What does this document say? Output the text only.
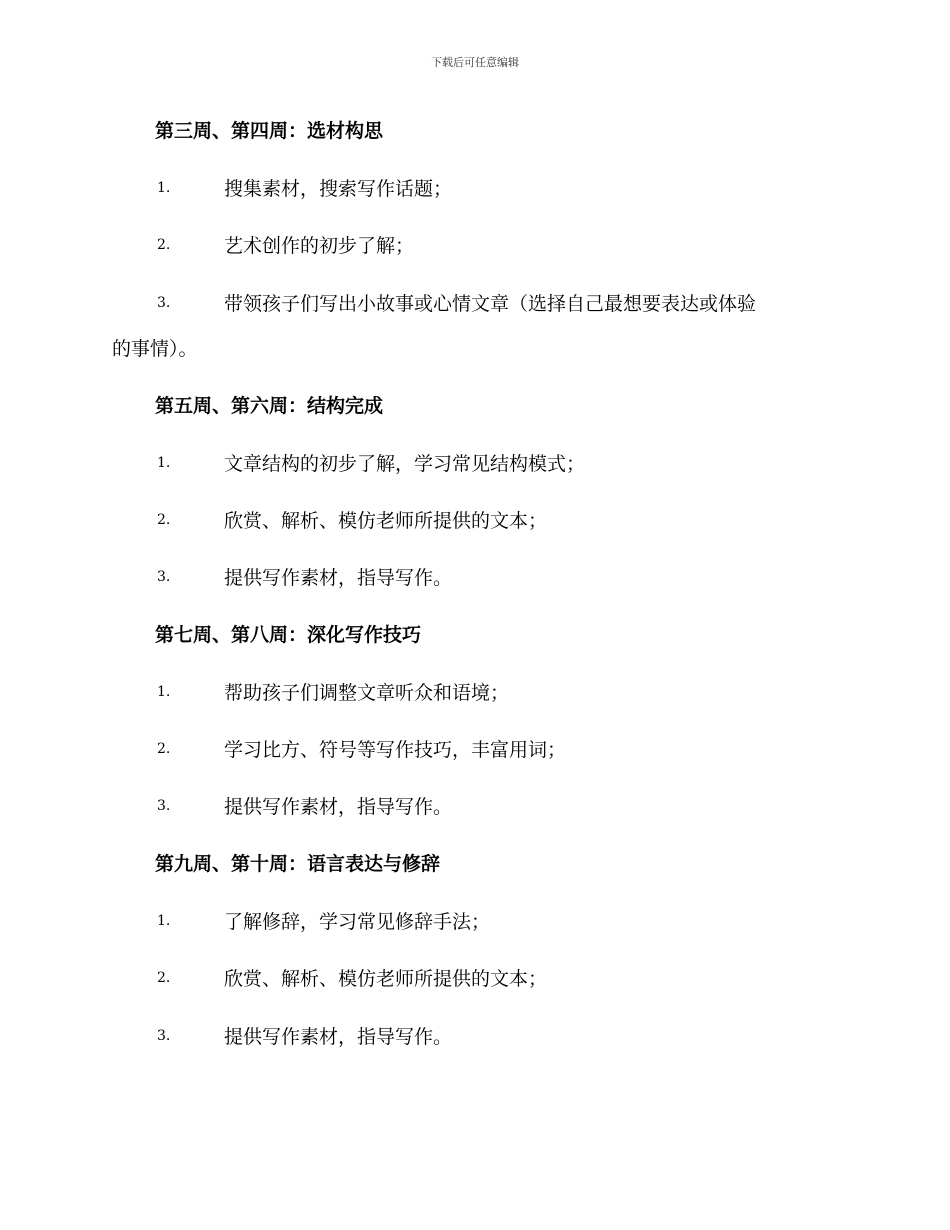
下载后可任意编辑
第三周、第四周：选材构思
1.	搜集素材，搜索写作话题；
2.	艺术创作的初步了解；
3.	带领孩子们写出小故事或心情文章（选择自己最想要表达或体验
的事情）。
第五周、第六周：结构完成
1.	文章结构的初步了解，学习常见结构模式；
2.	欣赏、解析、模仿老师所提供的文本；
3.	提供写作素材，指导写作。
第七周、第八周：深化写作技巧
1.	帮助孩子们调整文章听众和语境；
2.	学习比方、符号等写作技巧，丰富用词；
3.	提供写作素材，指导写作。
第九周、第十周：语言表达与修辞
1.	了解修辞，学习常见修辞手法；
2.	欣赏、解析、模仿老师所提供的文本；
3.	提供写作素材，指导写作。
